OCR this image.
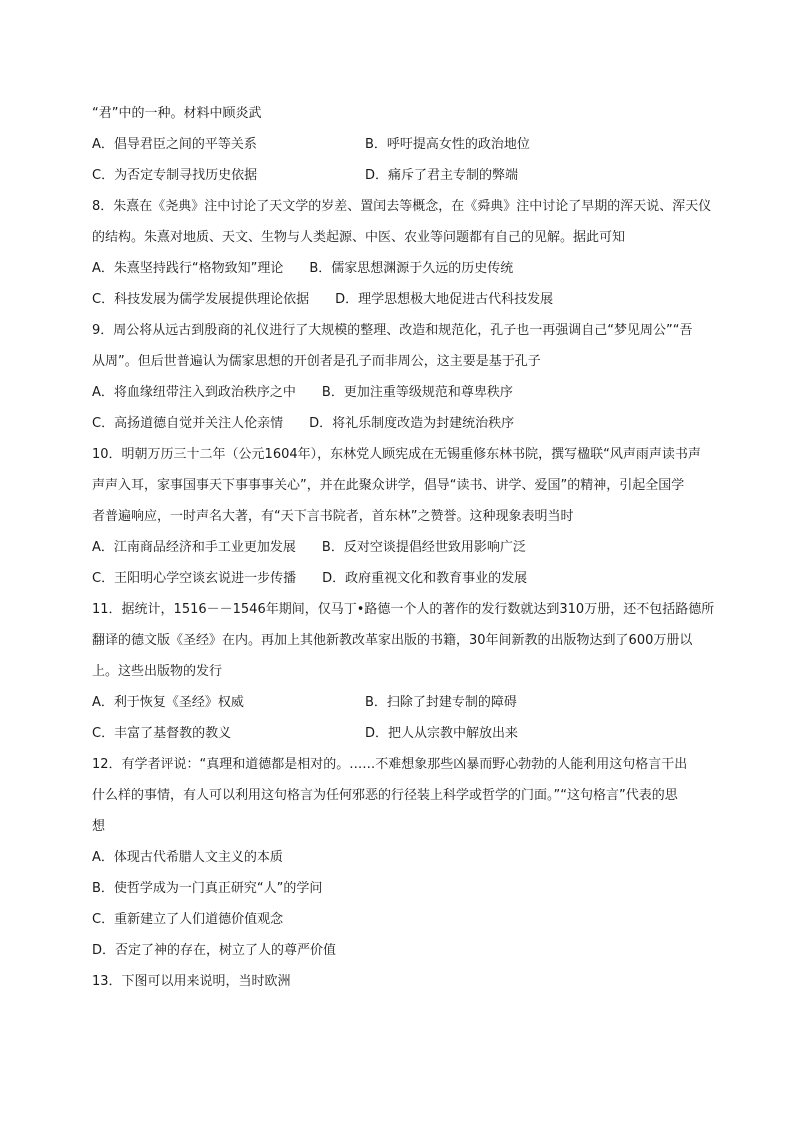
“君”中的一种。材料中顾炎武
A．倡导君臣之间的平等关系	B．呼吁提高女性的政治地位
C．为否定专制寻找历史依据	D．痛斥了君主专制的弊端
8．朱熹在《尧典》注中讨论了天文学的岁差、置闰去等概念，在《舜典》注中讨论了早期的浑天说、浑天仪
的结构。朱熹对地质、天文、生物与人类起源、中医、农业等问题都有自己的见解。据此可知
A．朱熹坚持践行“格物致知”理论 B．儒家思想渊源于久远的历史传统
C．科技发展为儒学发展提供理论依据 D．理学思想极大地促进古代科技发展
9．周公将从远古到殷商的礼仪进行了大规模的整理、改造和规范化，孔子也一再强调自己“梦见周公”“吾
从周”。但后世普遍认为儒家思想的开创者是孔子而非周公，这主要是基于孔子
A．将血缘纽带注入到政治秩序之中 B．更加注重等级规范和尊卑秩序
C．高扬道德自觉并关注人伦亲情 D．将礼乐制度改造为封建统治秩序
10．明朝万历三十二年（公元1604年），东林党人顾宪成在无锡重修东林书院，撰写楹联“风声雨声读书声
声声入耳，家事国事天下事事事关心”，并在此聚众讲学，倡导“读书、讲学、爱国”的精神，引起全国学
者普遍响应，一时声名大著，有“天下言书院者，首东林”之赞誉。这种现象表明当时
A．江南商品经济和手工业更加发展 B．反对空谈提倡经世致用影响广泛
C．王阳明心学空谈玄说进一步传播 D．政府重视文化和教育事业的发展
11．据统计，1516－－1546年期间，仅马丁•路德一个人的著作的发行数就达到310万册，还不包括路德所
翻译的德文版《圣经》在内。再加上其他新教改革家出版的书籍，30年间新教的出版物达到了600万册以
上。这些出版物的发行
A．利于恢复《圣经》权威	B．扫除了封建专制的障碍
C．丰富了基督教的教义	D．把人从宗教中解放出来
12．有学者评说：“真理和道德都是相对的。……不难想象那些凶暴而野心勃勃的人能利用这句格言干出
什么样的事情，有人可以利用这句格言为任何邪恶的行径装上科学或哲学的门面。”“这句格言”代表的思
想
A．体现古代希腊人文主义的本质
B．使哲学成为一门真正研究“人”的学问
C．重新建立了人们道德价值观念
D．否定了神的存在，树立了人的尊严价值
13．下图可以用来说明，当时欧洲
